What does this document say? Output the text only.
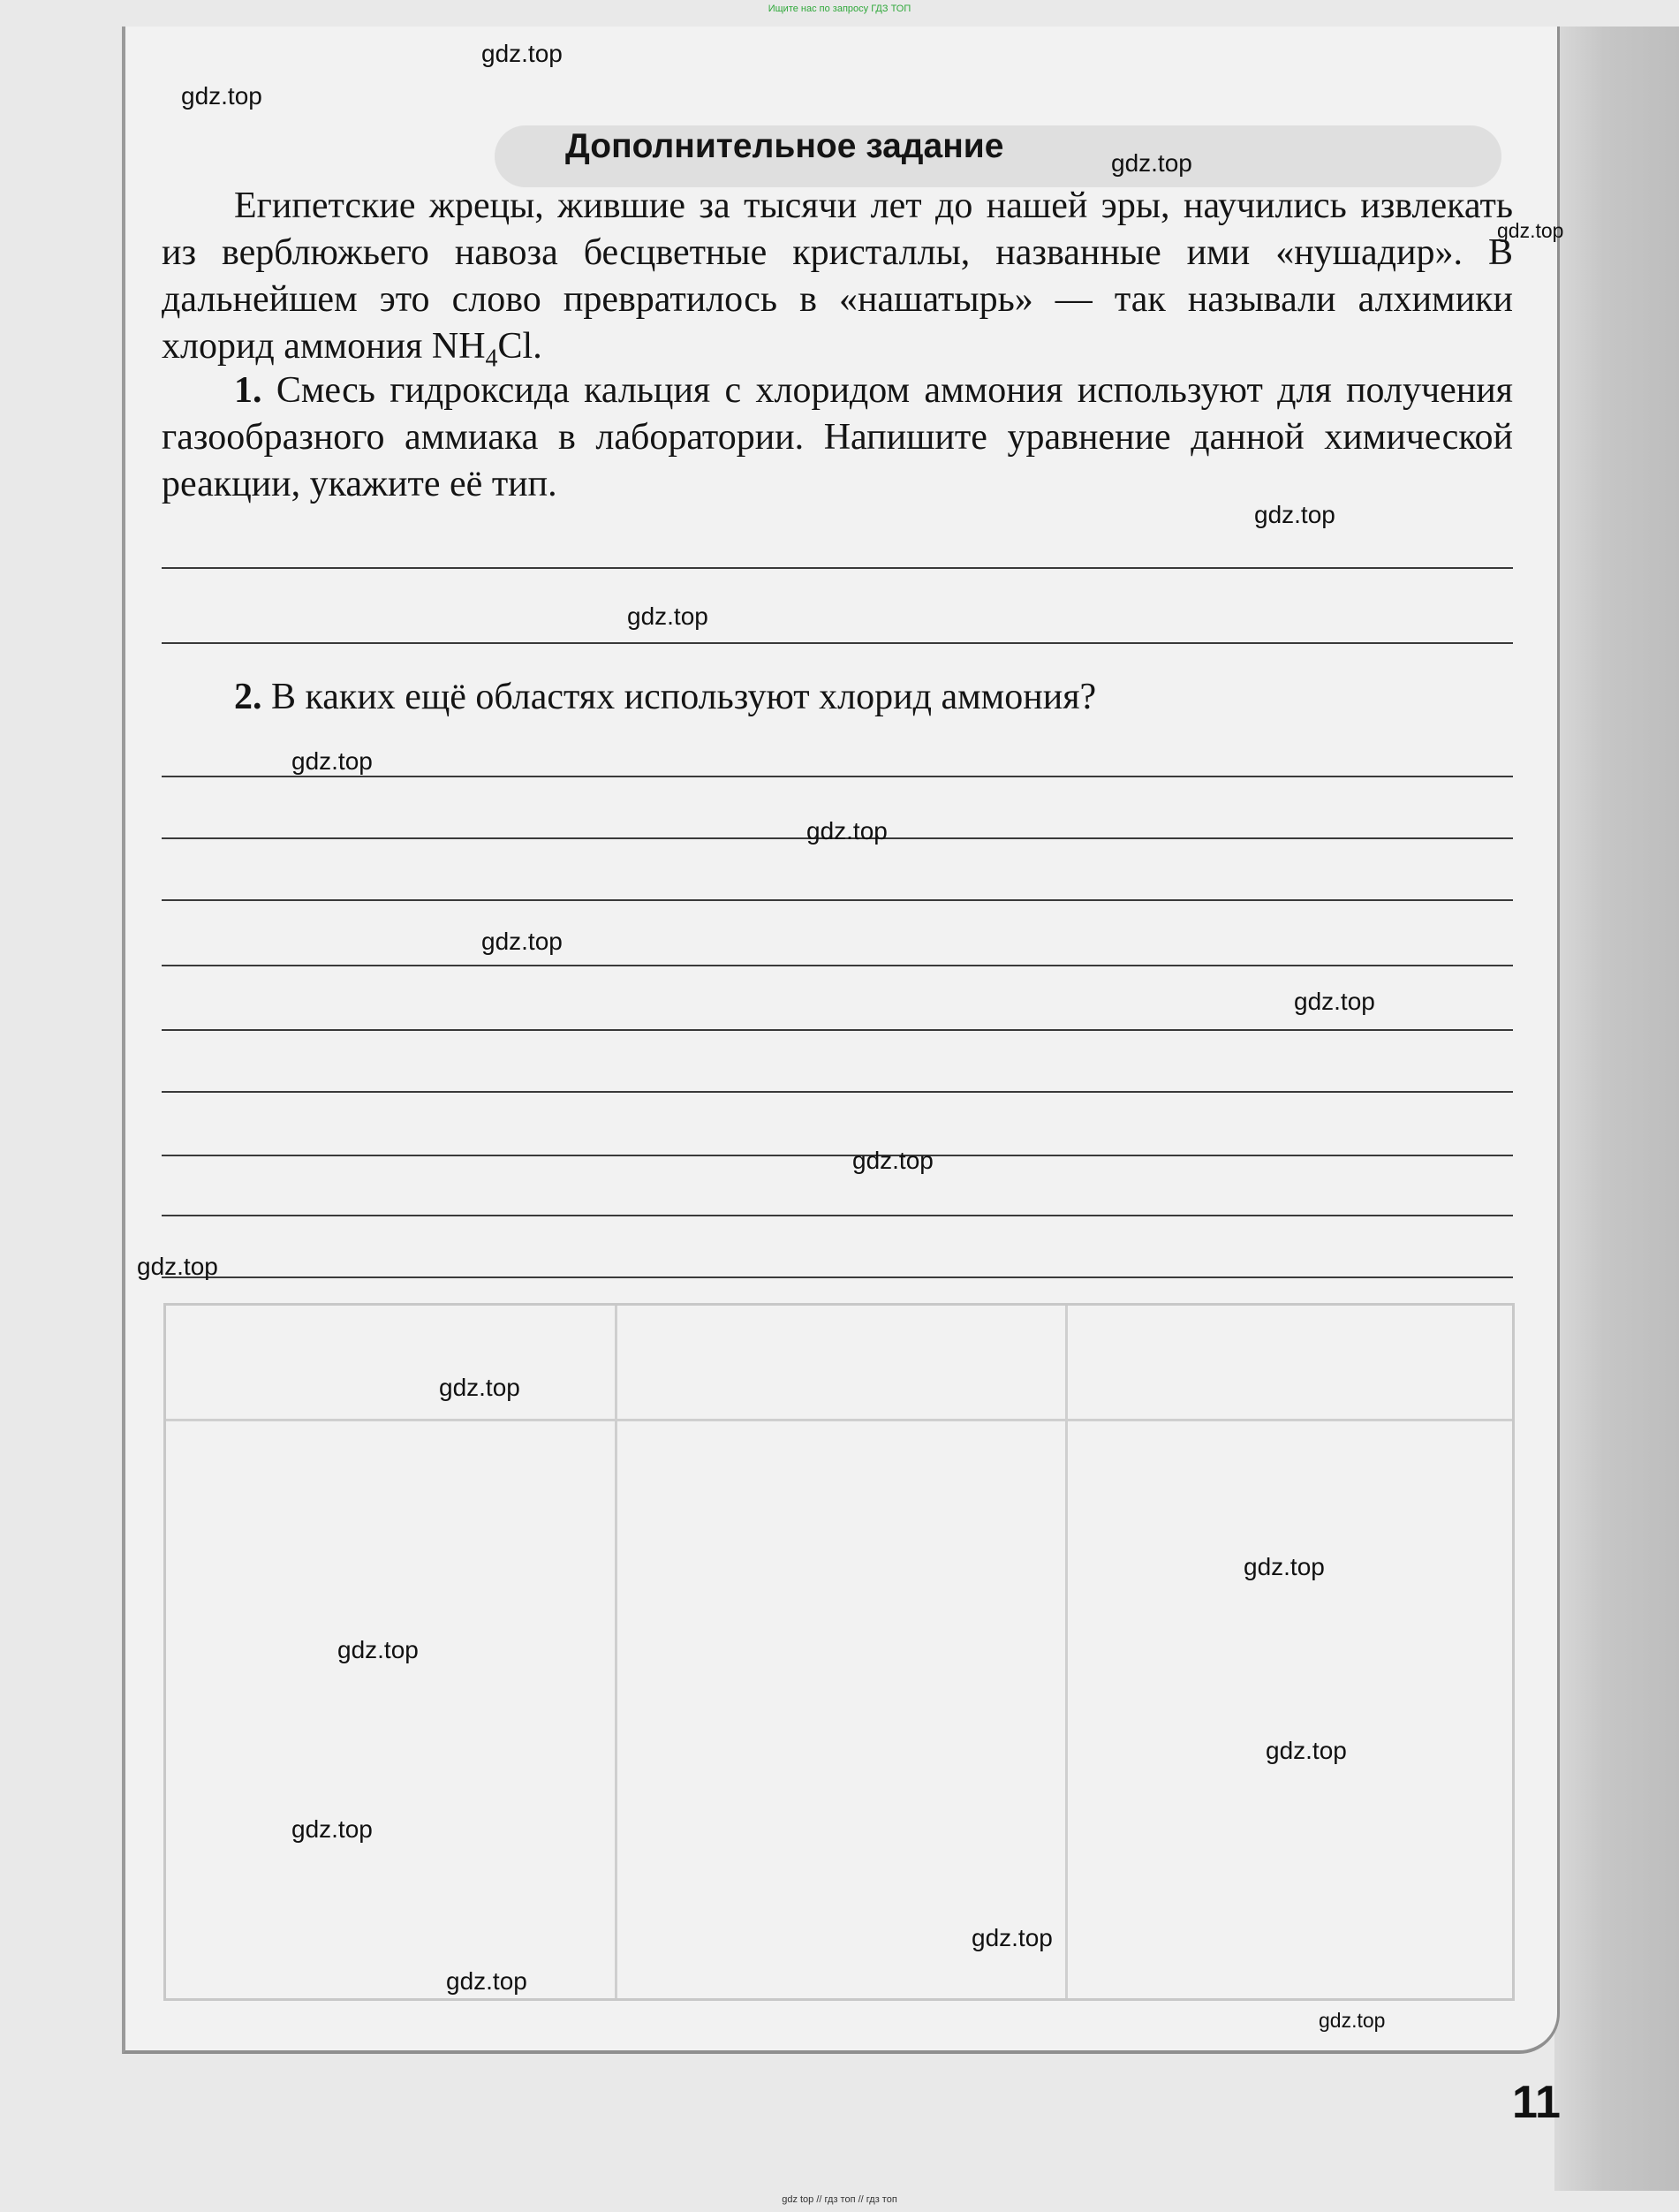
Ищите нас по запросу ГДЗ ТОП
Дополнительное задание
Египетские жрецы, жившие за тысячи лет до нашей эры, научились извлекать из верблюжьего навоза бесцветные кристаллы, названные ими «нушадир». В дальнейшем это слово превратилось в «нашатырь» — так называли алхимики хлорид аммония $NH_4Cl$.
1. Смесь гидроксида кальция с хлоридом аммония используют для получения газообразного аммиака в лаборатории. Напишите уравнение данной химической реакции, укажите её тип.
2. В каких ещё областях используют хлорид аммония?
gdz.top
gdz.top
gdz.top
gdz.top
gdz.top
gdz.top
gdz.top
gdz.top
gdz.top
gdz.top
gdz.top
gdz.top
gdz.top
gdz.top
gdz.top
gdz.top
gdz.top
gdz.top
gdz.top
gdz.top
11
gdz top // гдз топ // гдз топ
